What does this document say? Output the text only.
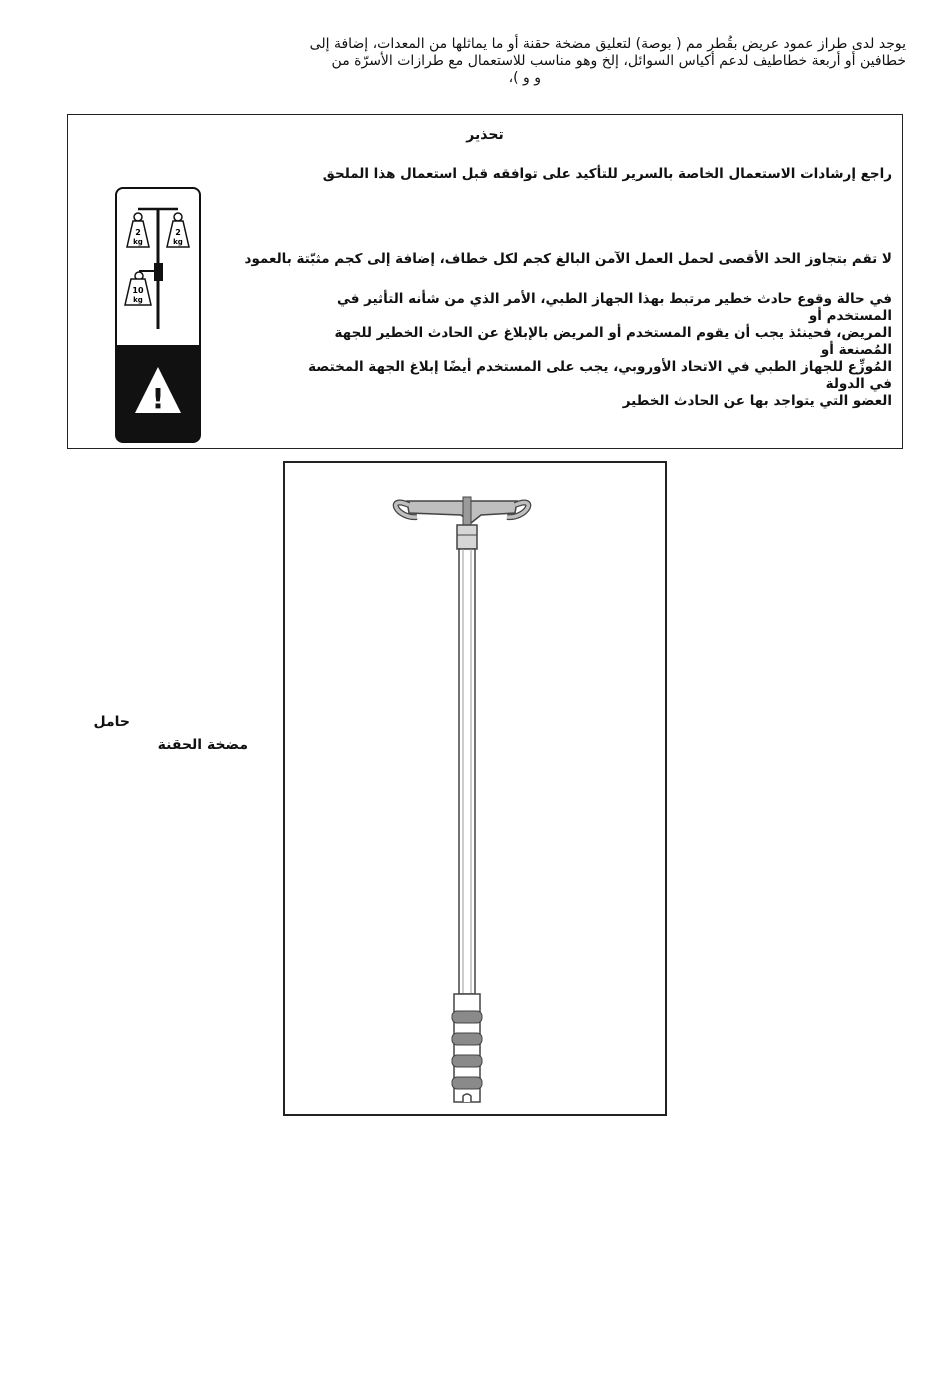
يوجد لدى طراز عمود عريض بقُطر مم ( بوصة) لتعليق مضخة حقنة أو ما يماثلها من المعدات، إضافة إلى

خطافين أو أربعة خطاطيف لدعم أكياس السوائل، إلخ وهو مناسب للاستعمال مع طرازات الأسرّة من

و و )،

تحذير
راجع إرشادات الاستعمال الخاصة بالسرير للتأكيد على توافقه قبل استعمال هذا الملحق
لا تقم بتجاوز الحد الأقصى لحمل العمل الآمن البالغ كجم لكل خطاف، إضافة إلى كجم مثبّتة بالعمود

في حالة وقوع حادث خطير مرتبط بهذا الجهاز الطبي، الأمر الذي من شأنه التأثير في المستخدم أو

المريض، فحينئذ يجب أن يقوم المستخدم أو المريض بالإبلاغ عن الحادث الخطير للجهة المُصنعة أو

المُوزِّع للجهاز الطبي في الاتحاد الأوروبي، يجب على المستخدم أيضًا إبلاغ الجهة المختصة في الدولة

العضو التي يتواجد بها عن الحادث الخطير

2
kg
2
kg
10
kg
!
حامل
مضخة الحقنة
